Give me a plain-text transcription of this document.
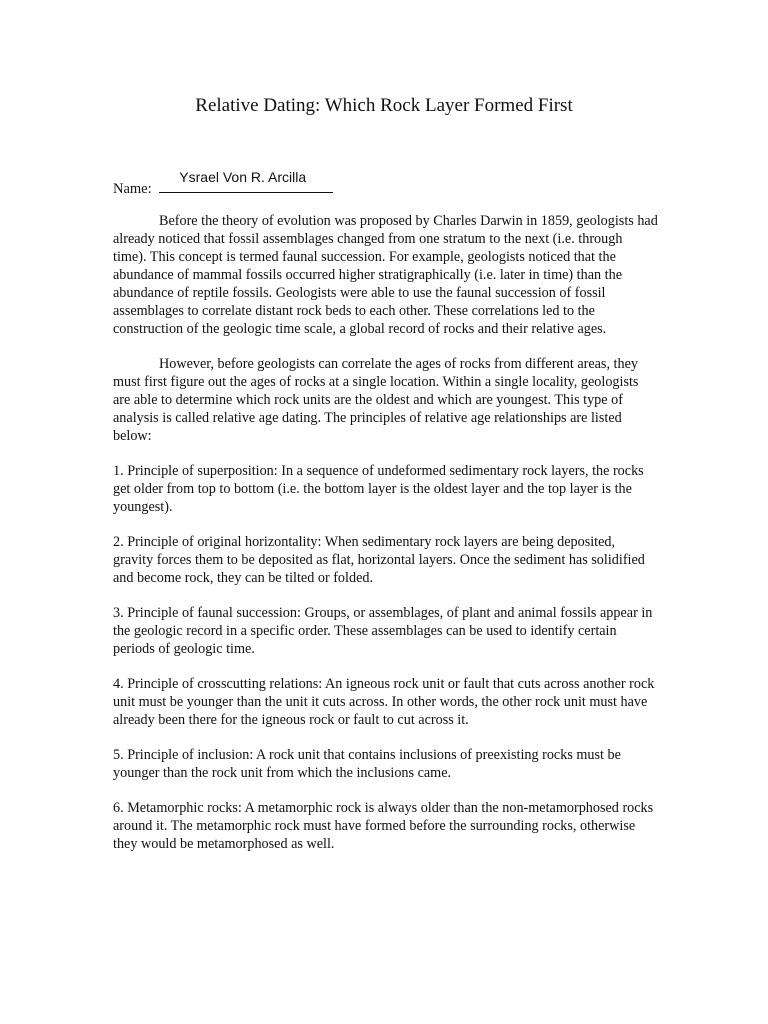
Relative Dating: Which Rock Layer Formed First
Name:
Ysrael Von R. Arcilla

Before the theory of evolution was proposed by Charles Darwin in 1859, geologists had already noticed that fossil assemblages changed from one stratum to the next (i.e. through time). This concept is termed faunal succession. For example, geologists noticed that the abundance of mammal fossils occurred higher stratigraphically (i.e. later in time) than the abundance of reptile fossils. Geologists were able to use the faunal succession of fossil assemblages to correlate distant rock beds to each other. These correlations led to the construction of the geologic time scale, a global record of rocks and their relative ages.

However, before geologists can correlate the ages of rocks from different areas, they must first figure out the ages of rocks at a single location. Within a single locality, geologists are able to determine which rock units are the oldest and which are youngest. This type of analysis is called relative age dating. The principles of relative age relationships are listed below:

1. Principle of superposition: In a sequence of undeformed sedimentary rock layers, the rocks get older from top to bottom (i.e. the bottom layer is the oldest layer and the top layer is the youngest).

2. Principle of original horizontality: When sedimentary rock layers are being deposited, gravity forces them to be deposited as flat, horizontal layers. Once the sediment has solidified and become rock, they can be tilted or folded.

3. Principle of faunal succession: Groups, or assemblages, of plant and animal fossils appear in the geologic record in a specific order. These assemblages can be used to identify certain periods of geologic time.

4. Principle of crosscutting relations: An igneous rock unit or fault that cuts across another rock unit must be younger than the unit it cuts across. In other words, the other rock unit must have already been there for the igneous rock or fault to cut across it.

5. Principle of inclusion: A rock unit that contains inclusions of preexisting rocks must be younger than the rock unit from which the inclusions came.

6. Metamorphic rocks: A metamorphic rock is always older than the non-metamorphosed rocks around it. The metamorphic rock must have formed before the surrounding rocks, otherwise they would be metamorphosed as well.
